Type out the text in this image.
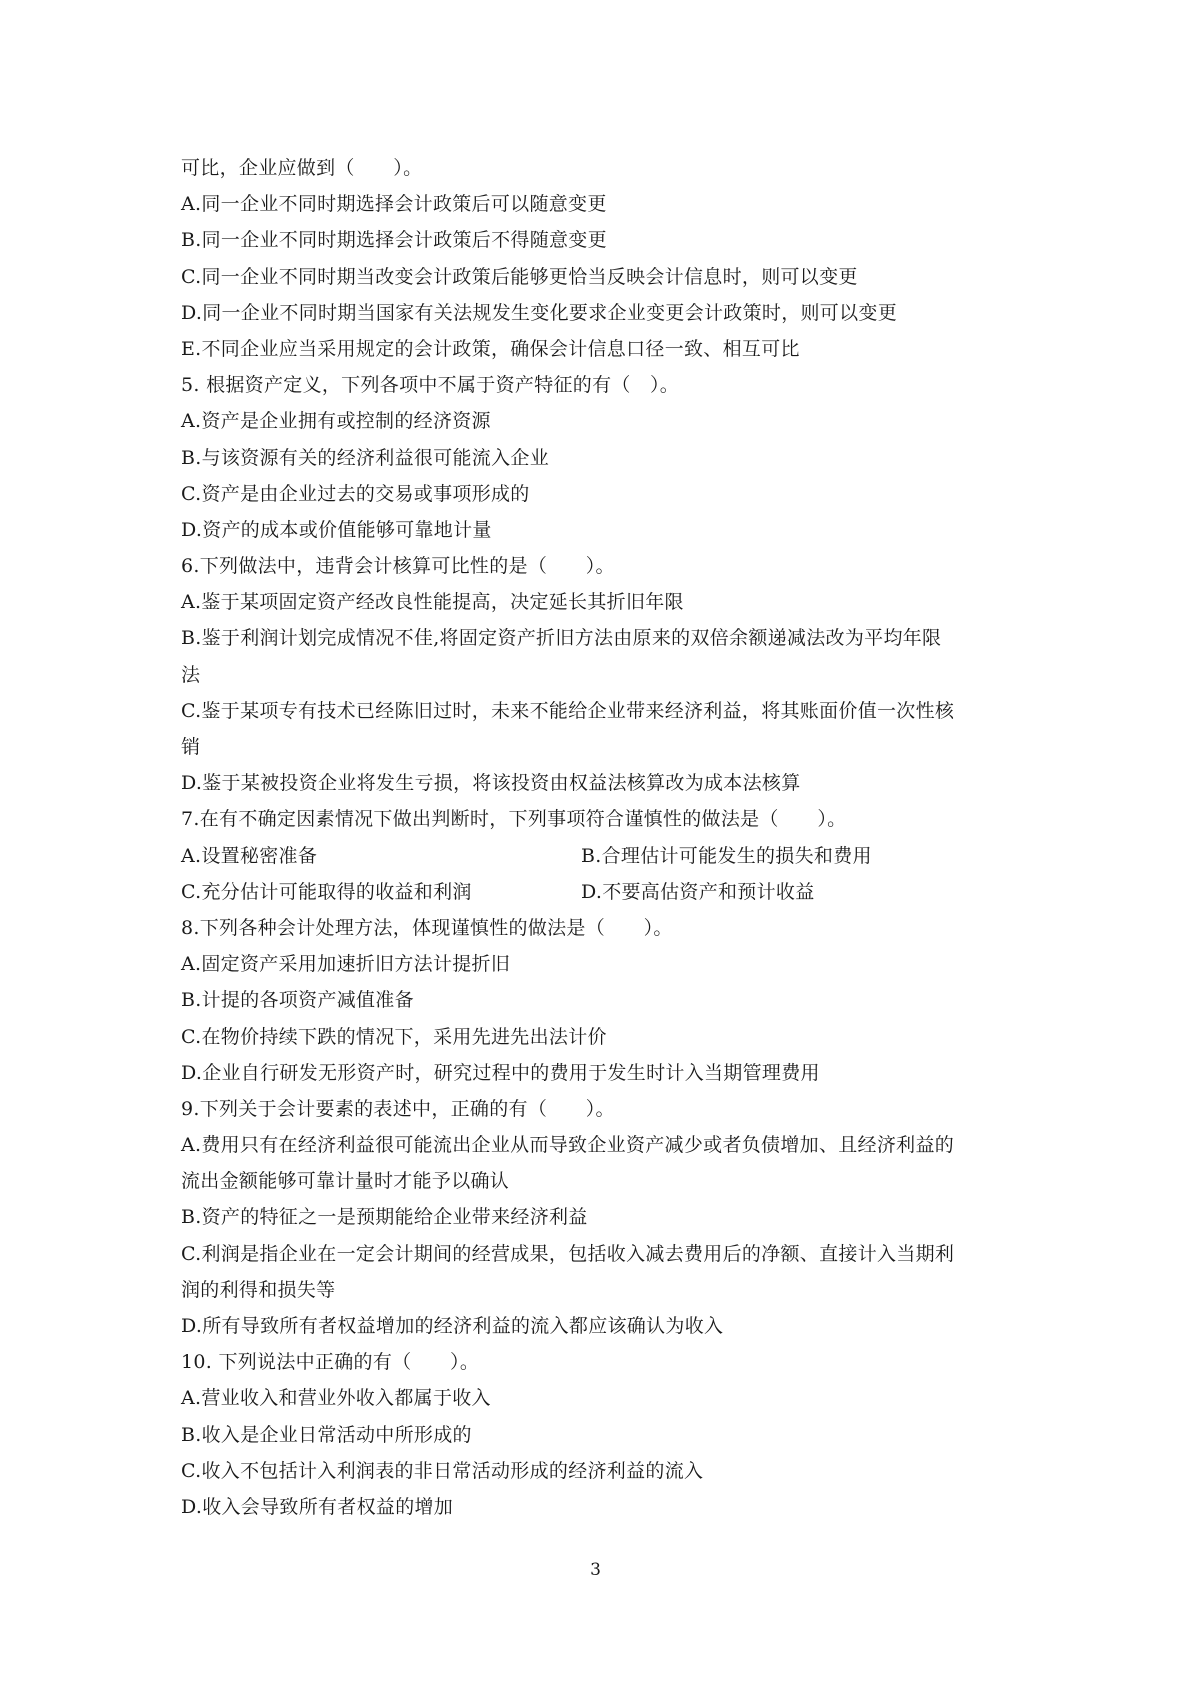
可比，企业应做到（　　）。
A.同一企业不同时期选择会计政策后可以随意变更
B.同一企业不同时期选择会计政策后不得随意变更
C.同一企业不同时期当改变会计政策后能够更恰当反映会计信息时，则可以变更
D.同一企业不同时期当国家有关法规发生变化要求企业变更会计政策时，则可以变更
E.不同企业应当采用规定的会计政策，确保会计信息口径一致、相互可比
5. 根据资产定义，下列各项中不属于资产特征的有（　）。
A.资产是企业拥有或控制的经济资源
B.与该资源有关的经济利益很可能流入企业
C.资产是由企业过去的交易或事项形成的
D.资产的成本或价值能够可靠地计量
6.下列做法中，违背会计核算可比性的是（　　）。
A.鉴于某项固定资产经改良性能提高，决定延长其折旧年限
B.鉴于利润计划完成情况不佳,将固定资产折旧方法由原来的双倍余额递减法改为平均年限
法
C.鉴于某项专有技术已经陈旧过时，未来不能给企业带来经济利益，将其账面价值一次性核
销
D.鉴于某被投资企业将发生亏损，将该投资由权益法核算改为成本法核算
7.在有不确定因素情况下做出判断时，下列事项符合谨慎性的做法是（　　）。
A.设置秘密准备	B.合理估计可能发生的损失和费用
C.充分估计可能取得的收益和利润	D.不要高估资产和预计收益
8.下列各种会计处理方法，体现谨慎性的做法是（　　）。
A.固定资产采用加速折旧方法计提折旧
B.计提的各项资产减值准备
C.在物价持续下跌的情况下，采用先进先出法计价
D.企业自行研发无形资产时，研究过程中的费用于发生时计入当期管理费用
9.下列关于会计要素的表述中，正确的有（　　）。
A.费用只有在经济利益很可能流出企业从而导致企业资产减少或者负债增加、且经济利益的
流出金额能够可靠计量时才能予以确认
B.资产的特征之一是预期能给企业带来经济利益
C.利润是指企业在一定会计期间的经营成果，包括收入减去费用后的净额、直接计入当期利
润的利得和损失等
D.所有导致所有者权益增加的经济利益的流入都应该确认为收入
10. 下列说法中正确的有（　　）。
A.营业收入和营业外收入都属于收入
B.收入是企业日常活动中所形成的
C.收入不包括计入利润表的非日常活动形成的经济利益的流入
D.收入会导致所有者权益的增加
3
